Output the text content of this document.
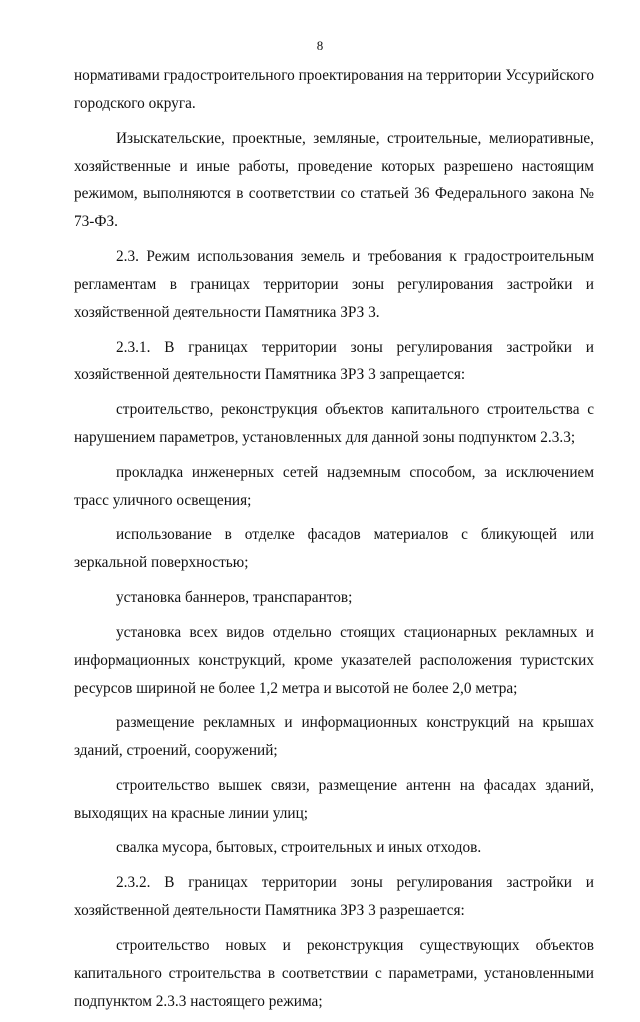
8

нормативами градостроительного проектирования на территории Уссурийского городского округа.

Изыскательские, проектные, земляные, строительные, мелиоративные, хозяйственные и иные работы, проведение которых разрешено настоящим режимом, выполняются в соответствии со статьей 36 Федерального закона № 73-ФЗ.

2.3. Режим использования земель и требования к градостроительным регламентам в границах территории зоны регулирования застройки и хозяйственной деятельности Памятника ЗРЗ 3.

2.3.1. В границах территории зоны регулирования застройки и хозяйственной деятельности Памятника ЗРЗ 3 запрещается:

строительство, реконструкция объектов капитального строительства с нарушением параметров, установленных для данной зоны подпунктом 2.3.3;

прокладка инженерных сетей надземным способом, за исключением трасс уличного освещения;

использование в отделке фасадов материалов с бликующей или зеркальной поверхностью;

установка баннеров, транспарантов;

установка всех видов отдельно стоящих стационарных рекламных и информационных конструкций, кроме указателей расположения туристских ресурсов шириной не более 1,2 метра и высотой не более 2,0 метра;

размещение рекламных и информационных конструкций на крышах зданий, строений, сооружений;

строительство вышек связи, размещение антенн на фасадах зданий, выходящих на красные линии улиц;

свалка мусора, бытовых, строительных и иных отходов.

2.3.2. В границах территории зоны регулирования застройки и хозяйственной деятельности Памятника ЗРЗ 3 разрешается:

строительство новых и реконструкция существующих объектов капитального строительства в соответствии с параметрами, установленными подпунктом 2.3.3 настоящего режима;
